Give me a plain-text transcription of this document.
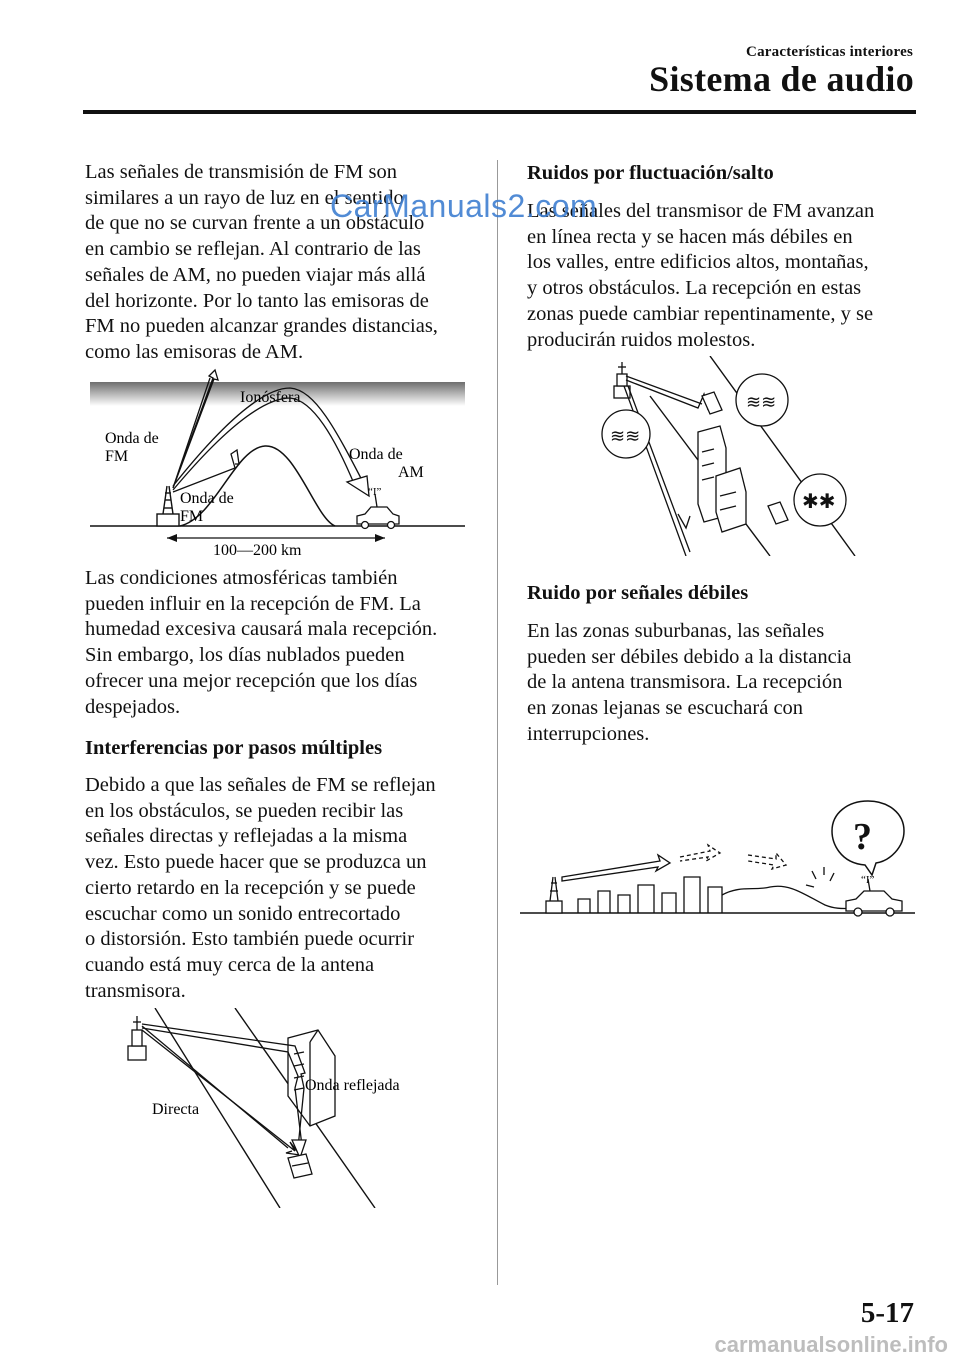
Características interiores
Sistema de audio

Las señales de transmisión de FM son
similares a un rayo de luz en el sentido
de que no se curvan frente a un obstáculo
en cambio se reflejan. Al contrario de las
señales de AM, no pueden viajar más allá
del horizonte. Por lo tanto las emisoras de
FM no pueden alcanzar grandes distancias,
como las emisoras de AM.

Ionósfera
“I”
Onda de
FM	Onda de
AM
Onda de
FM
100―200 km

Las condiciones atmosféricas también
pueden influir en la recepción de FM. La
humedad excesiva causará mala recepción.
Sin embargo, los días nublados pueden
ofrecer una mejor recepción que los días
despejados.

Interferencias por pasos múltiples

Debido a que las señales de FM se reflejan
en los obstáculos, se pueden recibir las
señales directas y reflejadas a la misma
vez. Esto puede hacer que se produzca un
cierto retardo en la recepción y se puede
escuchar como un sonido entrecortado
o distorsión. Esto también puede ocurrir
cuando está muy cerca de la antena
transmisora.

Onda reflejada
Directa
Ruidos por fluctuación/salto

Las señales del transmisor de FM avanzan
en línea recta y se hacen más débiles en
los valles, entre edificios altos, montañas,
y otros obstáculos. La recepción en estas
zonas puede cambiar repentinamente, y se
producirán ruidos molestos.

≋≋
≋≋
✱✱
Ruido por señales débiles

En las zonas suburbanas, las señales
pueden ser débiles debido a la distancia
de la antena transmisora. La recepción
en zonas lejanas se escuchará con
interrupciones.

?
“I”
CarManuals2.com
5-17
carmanualsonline.info
